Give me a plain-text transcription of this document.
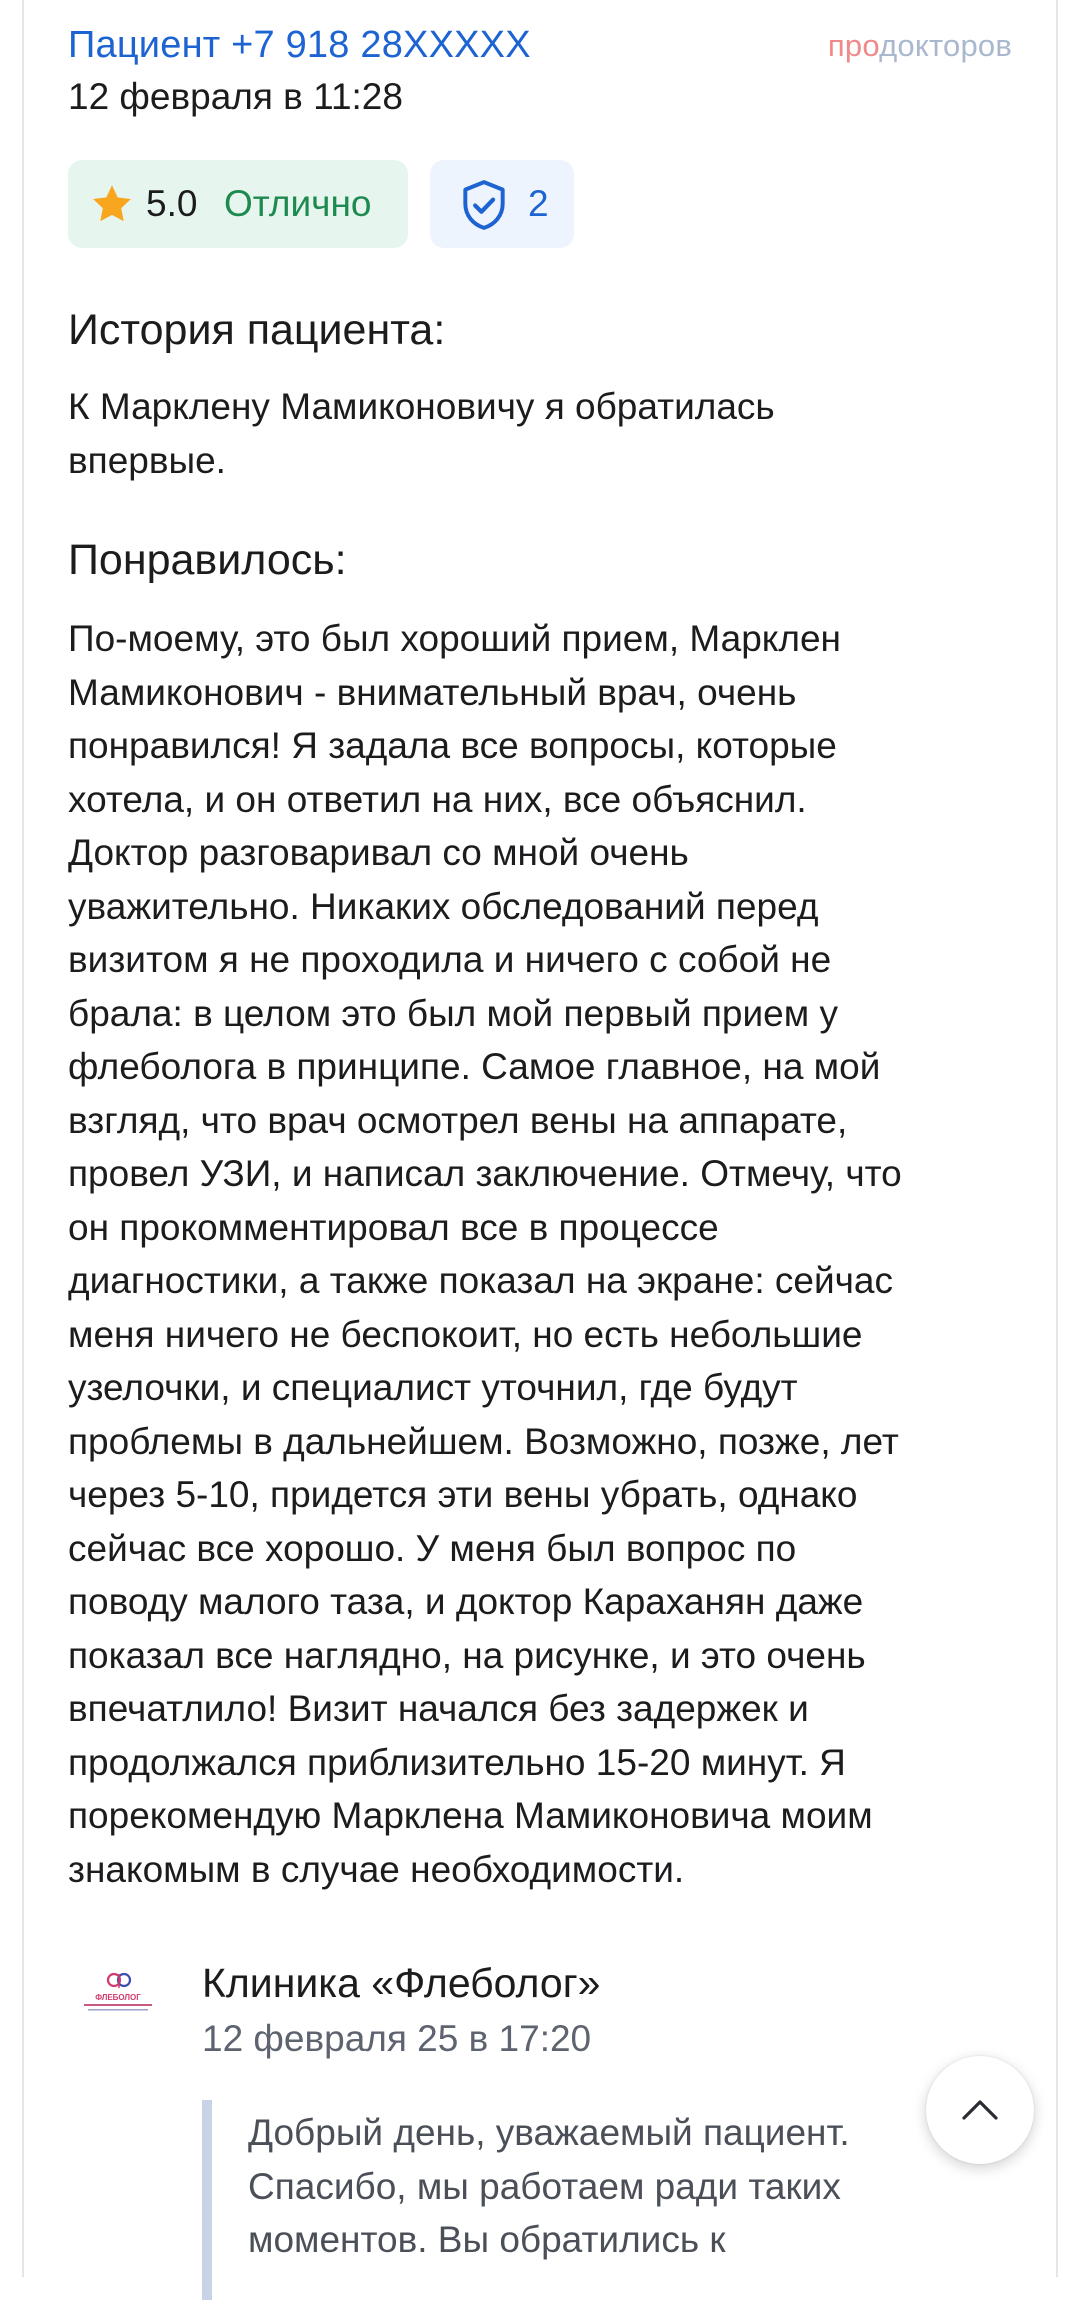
Пациент +7 918 28XXXXX	продокторов
12 февраля в 11:28
5.0 Отлично	2
История пациента:
К Марклену Мамиконовичу я обратилась
впервые.
Понравилось:
По-моему, это был хороший прием, Марклен
Мамиконович - внимательный врач, очень
понравился! Я задала все вопросы, которые
хотела, и он ответил на них, все объяснил.
Доктор разговаривал со мной очень
уважительно. Никаких обследований перед
визитом я не проходила и ничего с собой не
брала: в целом это был мой первый прием у
флеболога в принципе. Самое главное, на мой
взгляд, что врач осмотрел вены на аппарате,
провел УЗИ, и написал заключение. Отмечу, что
он прокомментировал все в процессе
диагностики, а также показал на экране: сейчас
меня ничего не беспокоит, но есть небольшие
узелочки, и специалист уточнил, где будут
проблемы в дальнейшем. Возможно, позже, лет
через 5-10, придется эти вены убрать, однако
сейчас все хорошо. У меня был вопрос по
поводу малого таза, и доктор Караханян даже
показал все наглядно, на рисунке, и это очень
впечатлило! Визит начался без задержек и
продолжался приблизительно 15-20 минут. Я
порекомендую Марклена Мамиконовича моим
знакомым в случае необходимости.
ФЛЕБОЛОГ Клиника «Флеболог»
12 февраля 25 в 17:20
Добрый день, уважаемый пациент.
Спасибо, мы работаем ради таких
моментов. Вы обратились к
